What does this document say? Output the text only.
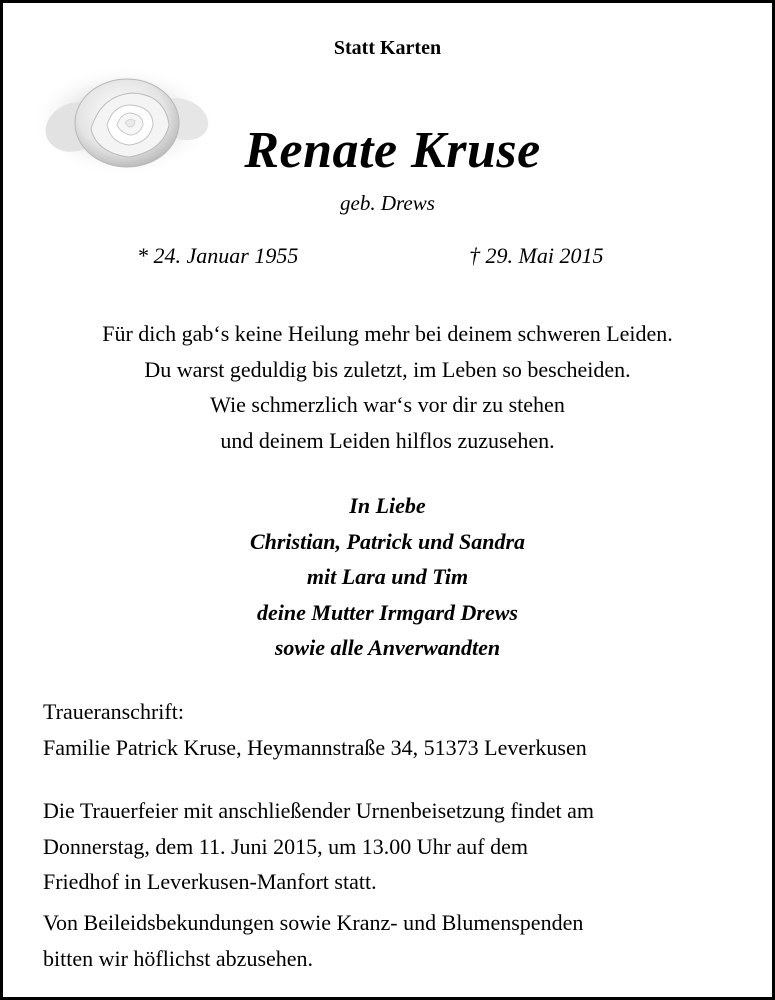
Statt Karten
Renate Kruse
geb. Drews
* 24. Januar 1955	† 29. Mai 2015
Für dich gab‘s keine Heilung mehr bei deinem schweren Leiden.
Du warst geduldig bis zuletzt, im Leben so bescheiden.
Wie schmerzlich war‘s vor dir zu stehen
und deinem Leiden hilflos zuzusehen.
In Liebe
Christian, Patrick und Sandra
mit Lara und Tim
deine Mutter Irmgard Drews
sowie alle Anverwandten
Traueranschrift:
Familie Patrick Kruse, Heymannstraße 34, 51373 Leverkusen
Die Trauerfeier mit anschließender Urnenbeisetzung findet am
Donnerstag, dem 11. Juni 2015, um 13.00 Uhr auf dem
Friedhof in Leverkusen-Manfort statt.
Von Beileidsbekundungen sowie Kranz- und Blumenspenden
bitten wir höflichst abzusehen.
